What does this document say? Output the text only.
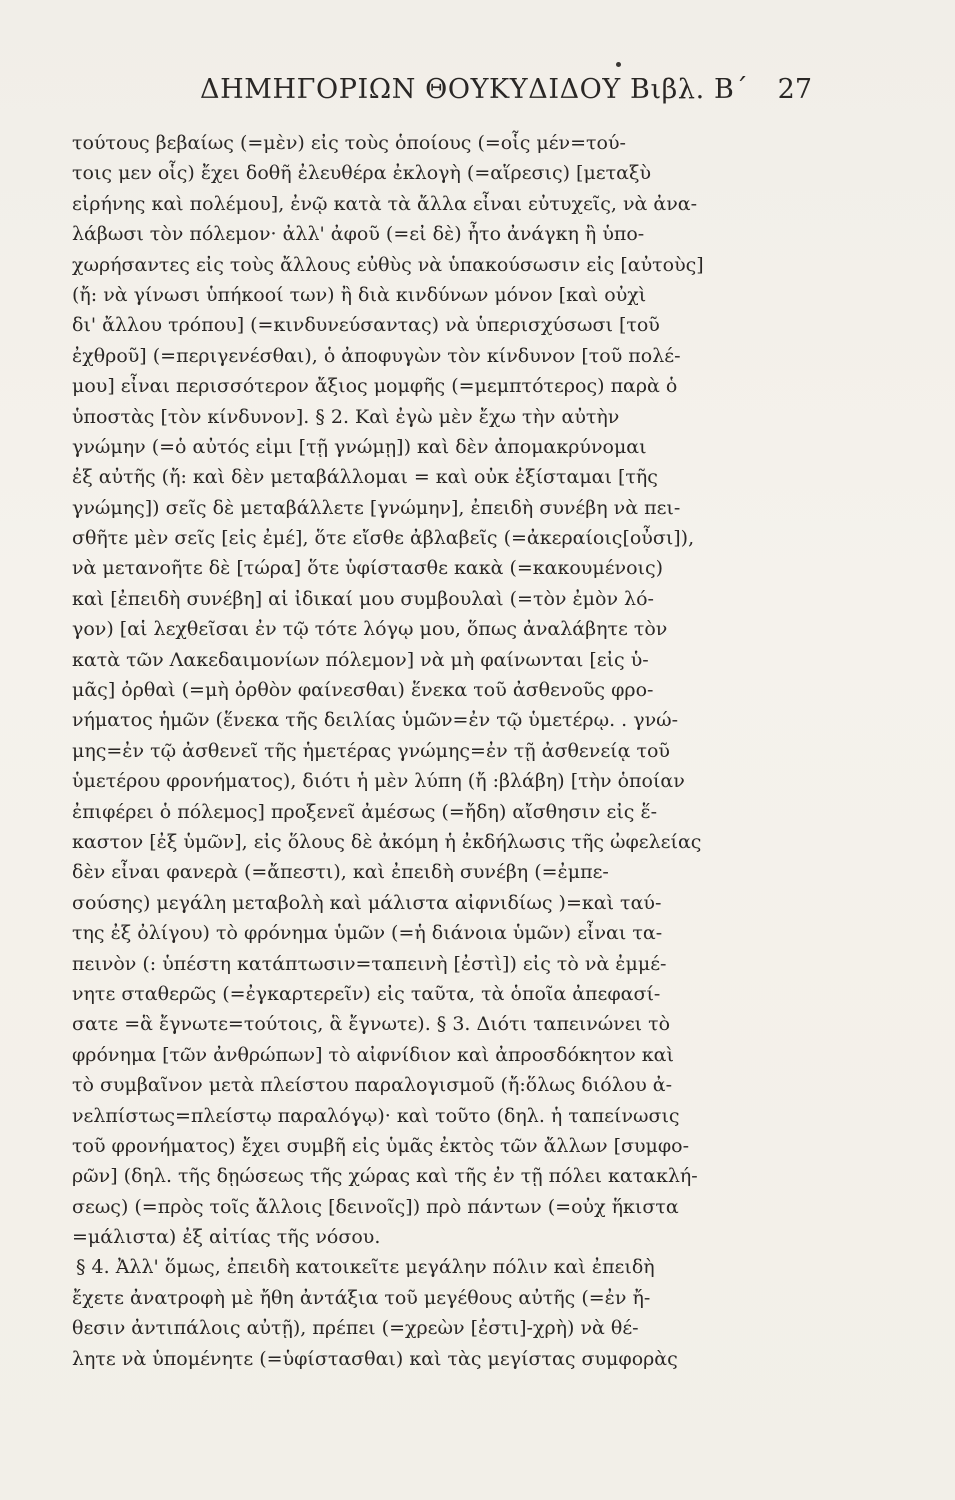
ΔΗΜΗΓΟΡΙΩΝ ΘΟΥΚΥΔΙΔΟΥ Βιβλ. Β΄ 27
τούτους βεβαίως (=μὲν) εἰς τοὺς ὁποίους (=οἷς μέν=τού-
τοις μεν οἷς) ἔχει δοθῆ ἐλευθέρα ἐκλογὴ (=αἵρεσις) [μεταξὺ
εἰρήνης καὶ πολέμου], ἐνῷ κατὰ τὰ ἄλλα εἶναι εὐτυχεῖς, νὰ ἀνα-
λάβωσι τὸν πόλεμον· ἀλλ' ἀφοῦ (=εἰ δὲ) ἦτο ἀνάγκη ἢ ὑπο-
χωρήσαντες εἰς τοὺς ἄλλους εὐθὺς νὰ ὑπακούσωσιν εἰς [αὐτοὺς]
(ἤ: νὰ γίνωσι ὑπήκοοί των) ἢ διὰ κινδύνων μόνον [καὶ οὐχὶ
δι' ἄλλου τρόπου] (=κινδυνεύσαντας) νὰ ὑπερισχύσωσι [τοῦ
ἐχθροῦ] (=περιγενέσθαι), ὁ ἀποφυγὼν τὸν κίνδυνον [τοῦ πολέ-
μου] εἶναι περισσότερον ἄξιος μομφῆς (=μεμπτότερος) παρὰ ὁ
ὑποστὰς [τὸν κίνδυνον]. § 2. Καὶ ἐγὼ μὲν ἔχω τὴν αὐτὴν
γνώμην (=ὁ αὐτός εἰμι [τῇ γνώμῃ]) καὶ δὲν ἀπομακρύνομαι
ἐξ αὐτῆς (ἤ: καὶ δὲν μεταβάλλομαι = καὶ οὐκ ἐξίσταμαι [τῆς
γνώμης]) σεῖς δὲ μεταβάλλετε [γνώμην], ἐπειδὴ συνέβη νὰ πει-
σθῆτε μὲν σεῖς [εἰς ἐμέ], ὅτε εἴσθε ἀβλαβεῖς (=ἀκεραίοις[οὖσι]),
νὰ μετανοῆτε δὲ [τώρα] ὅτε ὑφίστασθε κακὰ (=κακουμένοις)
καὶ [ἐπειδὴ συνέβη] αἱ ἰδικαί μου συμβουλαὶ (=τὸν ἐμὸν λό-
γον) [αἱ λεχθεῖσαι ἐν τῷ τότε λόγῳ μου, ὅπως ἀναλάβητε τὸν
κατὰ τῶν Λακεδαιμονίων πόλεμον] νὰ μὴ φαίνωνται [εἰς ὑ-
μᾶς] ὀρθαὶ (=μὴ ὀρθὸν φαίνεσθαι) ἕνεκα τοῦ ἀσθενοῦς φρο-
νήματος ἡμῶν (ἕνεκα τῆς δειλίας ὑμῶν=ἐν τῷ ὑμετέρῳ. . γνώ-
μης=ἐν τῷ ἀσθενεῖ τῆς ἡμετέρας γνώμης=ἐν τῇ ἀσθενείᾳ τοῦ
ὑμετέρου φρονήματος), διότι ἡ μὲν λύπη (ἤ :βλάβη) [τὴν ὁποίαν
ἐπιφέρει ὁ πόλεμος] προξενεῖ ἀμέσως (=ἤδη) αἴσθησιν εἰς ἕ-
καστον [ἐξ ὑμῶν], εἰς ὅλους δὲ ἀκόμη ἡ ἐκδήλωσις τῆς ὠφελείας
δὲν εἶναι φανερὰ (=ἄπεστι), καὶ ἐπειδὴ συνέβη (=ἐμπε-
σούσης) μεγάλη μεταβολὴ καὶ μάλιστα αἰφνιδίως )=καὶ ταύ-
της ἐξ ὀλίγου) τὸ φρόνημα ὑμῶν (=ἡ διάνοια ὑμῶν) εἶναι τα-
πεινὸν (: ὑπέστη κατάπτωσιν=ταπεινὴ [ἐστὶ]) εἰς τὸ νὰ ἐμμέ-
νητε σταθερῶς (=ἐγκαρτερεῖν) εἰς ταῦτα, τὰ ὁποῖα ἀπεφασί-
σατε =ἃ ἔγνωτε=τούτοις, ἃ ἔγνωτε). § 3. Διότι ταπεινώνει τὸ
φρόνημα [τῶν ἀνθρώπων] τὸ αἰφνίδιον καὶ ἀπροσδόκητον καὶ
τὸ συμβαῖνον μετὰ πλείστου παραλογισμοῦ (ἤ:ὅλως διόλου ἀ-
νελπίστως=πλείστῳ παραλόγῳ)· καὶ τοῦτο (δηλ. ἡ ταπείνωσις
τοῦ φρονήματος) ἔχει συμβῆ εἰς ὑμᾶς ἐκτὸς τῶν ἄλλων [συμφο-
ρῶν] (δηλ. τῆς δῃώσεως τῆς χώρας καὶ τῆς ἐν τῇ πόλει κατακλή-
σεως) (=πρὸς τοῖς ἄλλοις [δεινοῖς]) πρὸ πάντων (=οὐχ ἥκιστα
=μάλιστα) ἐξ αἰτίας τῆς νόσου.
§ 4. Ἀλλ' ὅμως, ἐπειδὴ κατοικεῖτε μεγάλην πόλιν καὶ ἐπειδὴ
ἔχετε ἀνατροφὴ μὲ ἤθη ἀντάξια τοῦ μεγέθους αὐτῆς (=ἐν ἤ-
θεσιν ἀντιπάλοις αὐτῇ), πρέπει (=χρεὼν [ἐστι]-χρὴ) νὰ θέ-
λητε νὰ ὑπομένητε (=ὑφίστασθαι) καὶ τὰς μεγίστας συμφορὰς
